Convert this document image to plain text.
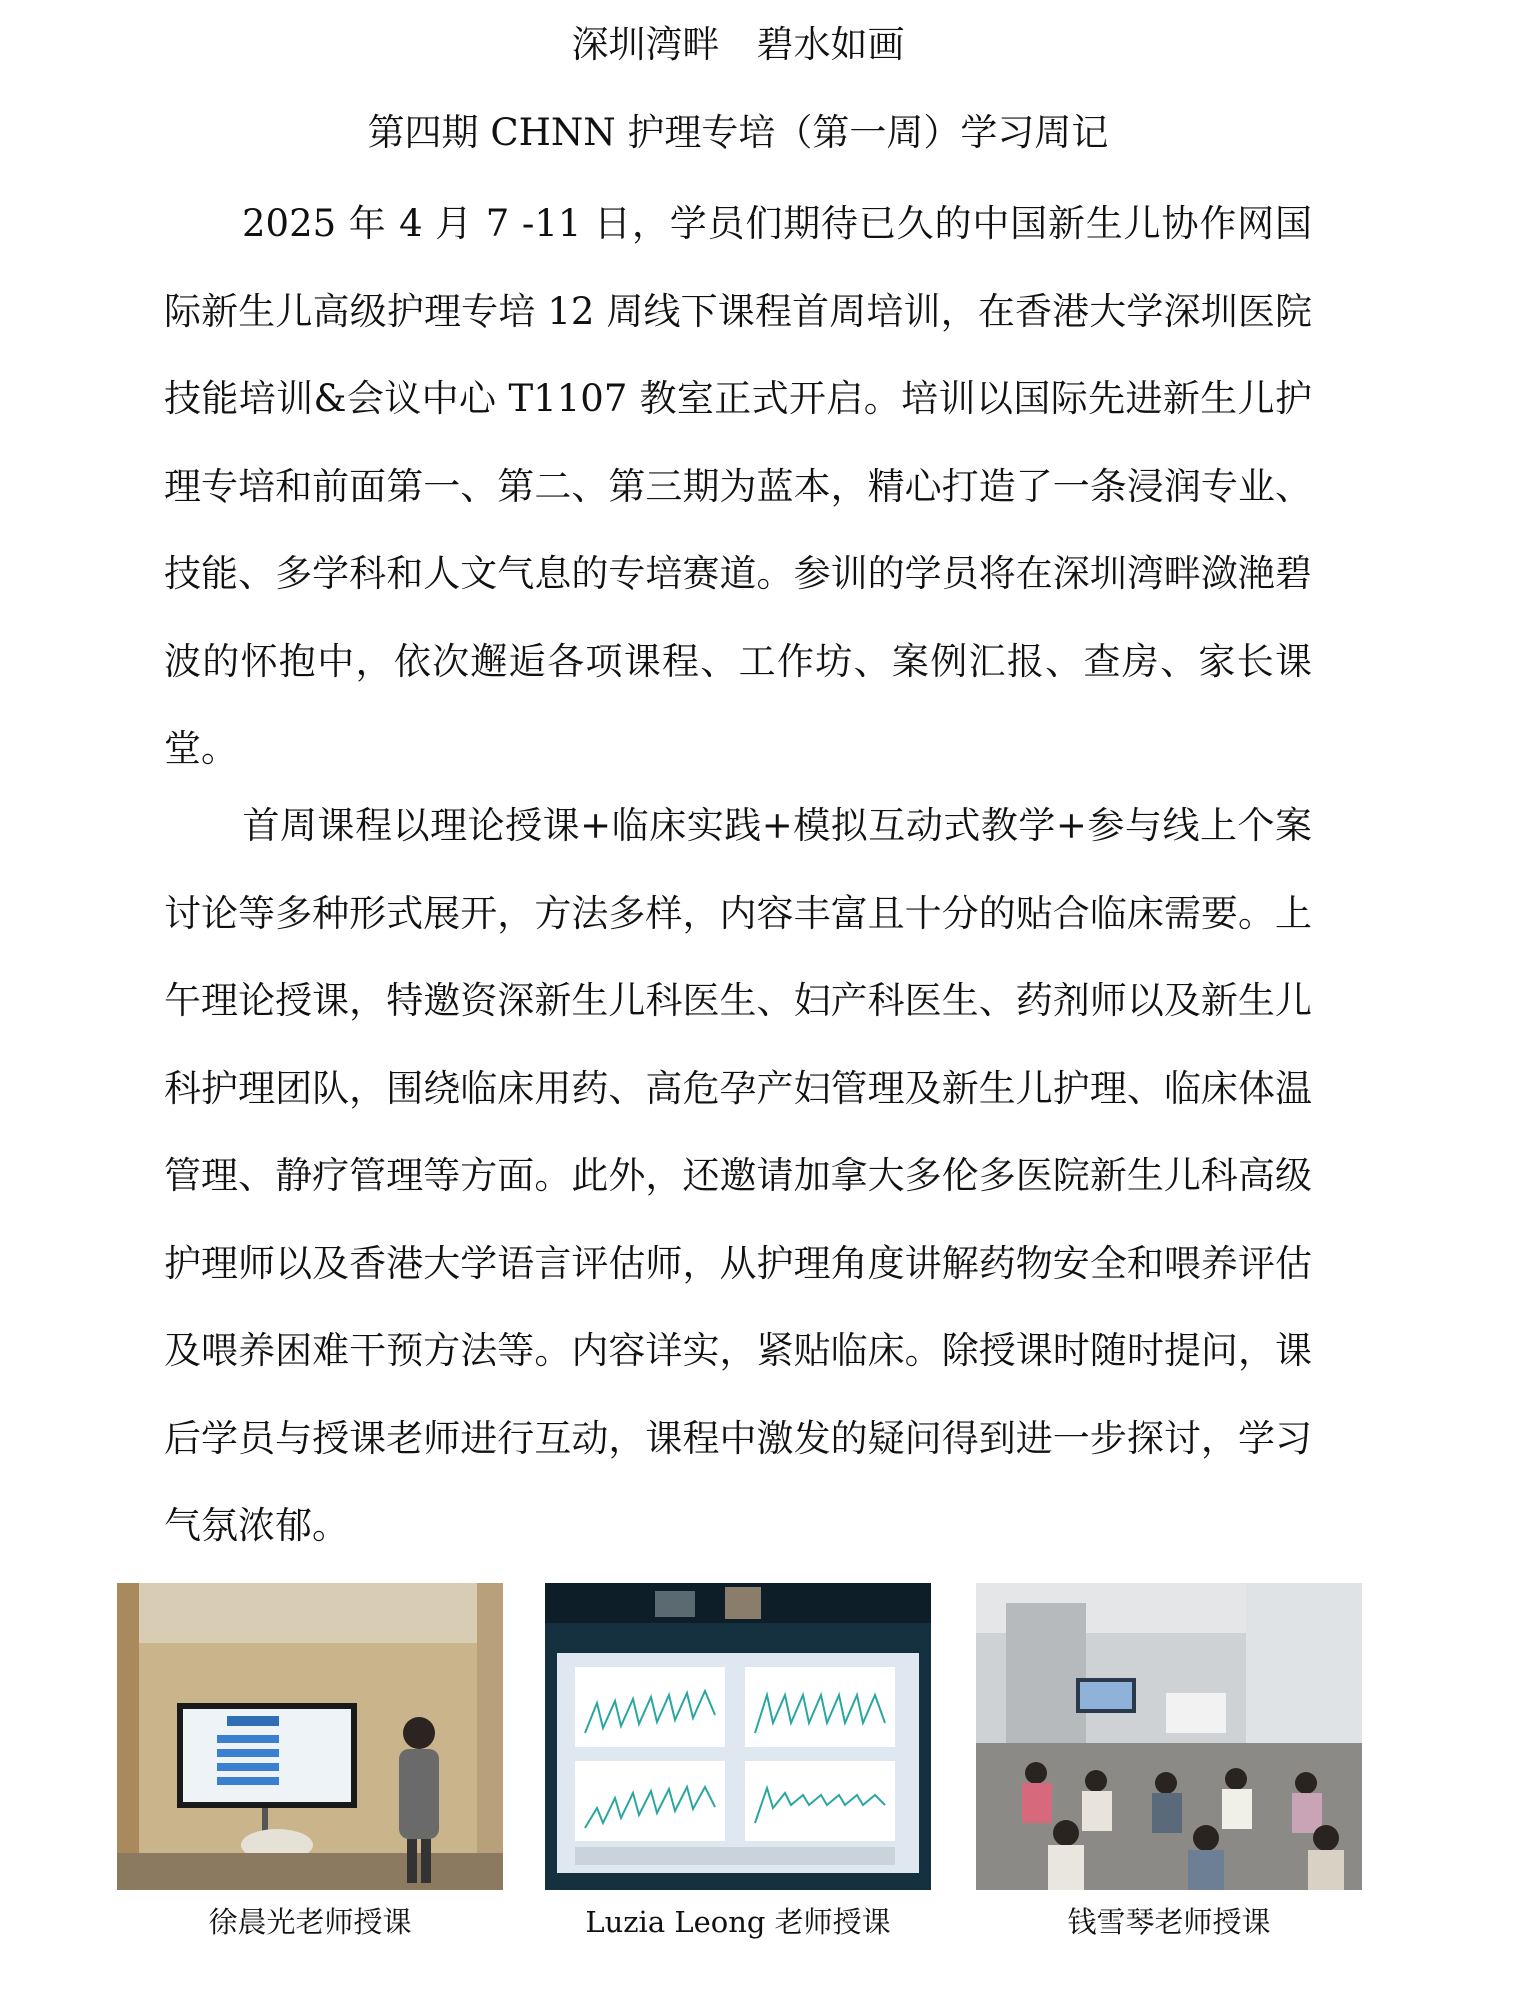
深圳湾畔　碧水如画
第四期 CHNN 护理专培（第一周）学习周记

2025 年 4 月 7 -11 日，学员们期待已久的中国新生儿协作网国际新生儿高级护理专培 12 周线下课程首周培训，在香港大学深圳医院技能培训&会议中心 T1107 教室正式开启。培训以国际先进新生儿护理专培和前面第一、第二、第三期为蓝本，精心打造了一条浸润专业、技能、多学科和人文气息的专培赛道。参训的学员将在深圳湾畔潋滟碧波的怀抱中，依次邂逅各项课程、工作坊、案例汇报、查房、家长课堂。

首周课程以理论授课+临床实践+模拟互动式教学+参与线上个案讨论等多种形式展开，方法多样，内容丰富且十分的贴合临床需要。上午理论授课，特邀资深新生儿科医生、妇产科医生、药剂师以及新生儿科护理团队，围绕临床用药、高危孕产妇管理及新生儿护理、临床体温管理、静疗管理等方面。此外，还邀请加拿大多伦多医院新生儿科高级护理师以及香港大学语言评估师，从护理角度讲解药物安全和喂养评估及喂养困难干预方法等。内容详实，紧贴临床。除授课时随时提问，课后学员与授课老师进行互动，课程中激发的疑问得到进一步探讨，学习气氛浓郁。

徐晨光老师授课	Luzia Leong 老师授课	钱雪琴老师授课
